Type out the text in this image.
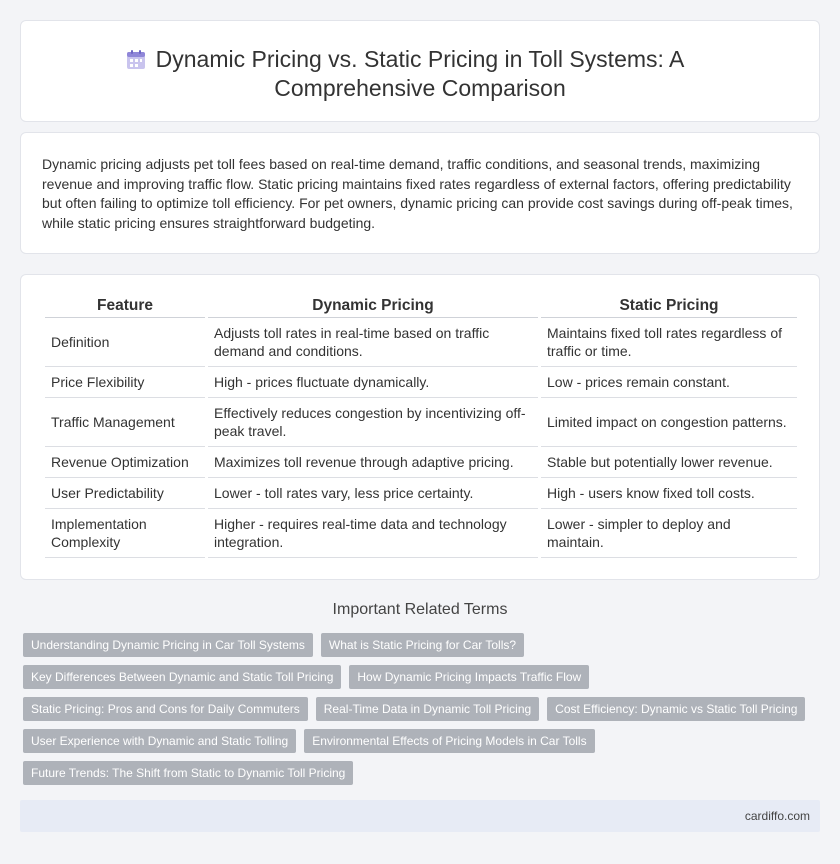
Dynamic Pricing vs. Static Pricing in Toll Systems: A Comprehensive Comparison

Dynamic pricing adjusts pet toll fees based on real-time demand, traffic conditions, and seasonal trends, maximizing revenue and improving traffic flow. Static pricing maintains fixed rates regardless of external factors, offering predictability but often failing to optimize toll efficiency. For pet owners, dynamic pricing can provide cost savings during off-peak times, while static pricing ensures straightforward budgeting.

Feature	Dynamic Pricing	Static Pricing
Definition	Adjusts toll rates in real-time based on traffic demand and conditions.	Maintains fixed toll rates regardless of traffic or time.
Price Flexibility	High - prices fluctuate dynamically.	Low - prices remain constant.
Traffic Management	Effectively reduces congestion by incentivizing off-peak travel.	Limited impact on congestion patterns.
Revenue Optimization	Maximizes toll revenue through adaptive pricing.	Stable but potentially lower revenue.
User Predictability	Lower - toll rates vary, less price certainty.	High - users know fixed toll costs.
Implementation Complexity	Higher - requires real-time data and technology integration.	Lower - simpler to deploy and maintain.
Important Related Terms
Understanding Dynamic Pricing in Car Toll Systems	What is Static Pricing for Car Tolls?
Key Differences Between Dynamic and Static Toll Pricing	How Dynamic Pricing Impacts Traffic Flow
Static Pricing: Pros and Cons for Daily Commuters	Real-Time Data in Dynamic Toll Pricing	Cost Efficiency: Dynamic vs Static Toll Pricing
User Experience with Dynamic and Static Tolling	Environmental Effects of Pricing Models in Car Tolls
Future Trends: The Shift from Static to Dynamic Toll Pricing
cardiffo.com
